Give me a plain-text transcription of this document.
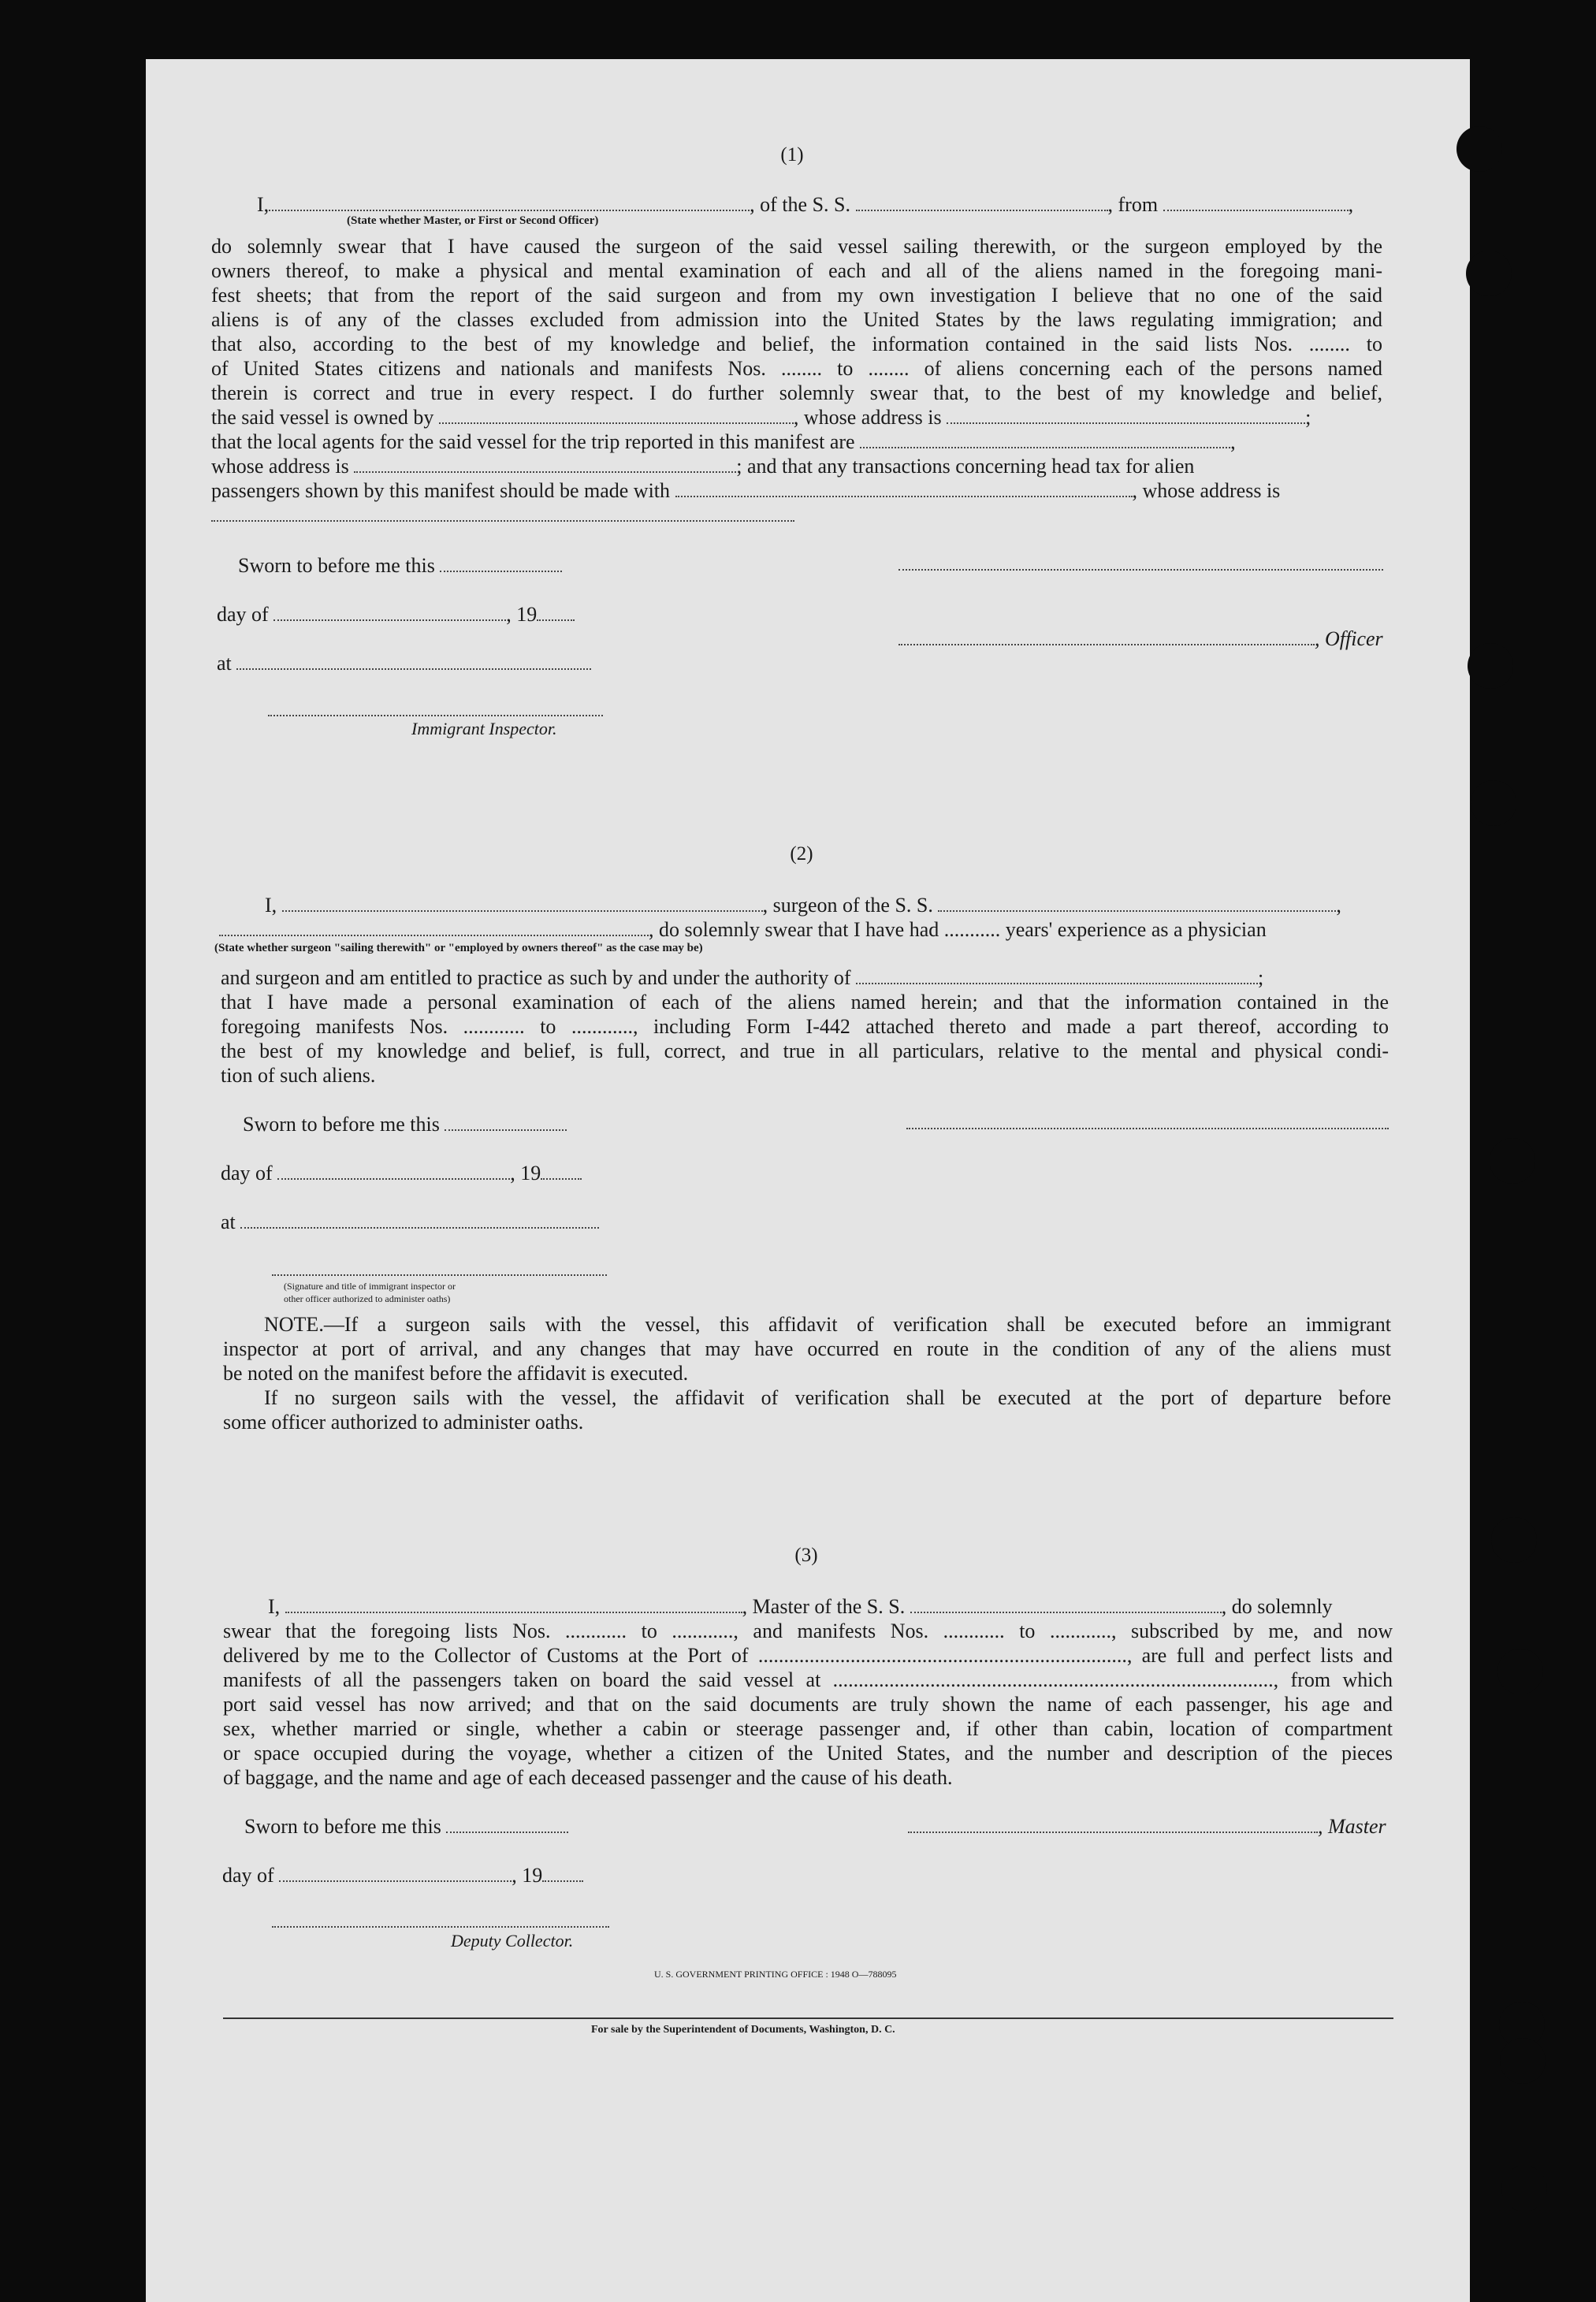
(1)
I,	, of the S. S.	, from	,
(State whether Master, or First or Second Officer)
do solemnly swear that I have caused the surgeon of the said vessel sailing therewith, or the surgeon employed by the
owners thereof, to make a physical and mental examination of each and all of the aliens named in the foregoing mani-
fest sheets; that from the report of the said surgeon and from my own investigation I believe that no one of the said
aliens is of any of the classes excluded from admission into the United States by the laws regulating immigration; and
that also, according to the best of my knowledge and belief, the information contained in the said lists Nos. ........ to
of United States citizens and nationals and manifests Nos. ........ to ........ of aliens concerning each of the persons named
therein is correct and true in every respect. I do further solemnly swear that, to the best of my knowledge and belief,
the said vessel is owned by	, whose address is	;
that the local agents for the said vessel for the trip reported in this manifest are	,
whose address is	; and that any transactions concerning head tax for alien
passengers shown by this manifest should be made with	, whose address is
Sworn to before me this
day of	, 19
at
Immigrant Inspector.
, Officer
(2)
I,	, surgeon of the S. S.	,
, do solemnly swear that I have had ........... years' experience as a physician
(State whether surgeon "sailing therewith" or "employed by owners thereof" as the case may be)
and surgeon and am entitled to practice as such by and under the authority of	;
that I have made a personal examination of each of the aliens named herein; and that the information contained in the
foregoing manifests Nos. ............ to ............, including Form I-442 attached thereto and made a part thereof, according to
the best of my knowledge and belief, is full, correct, and true in all particulars, relative to the mental and physical condi-
tion of such aliens.
Sworn to before me this
day of	, 19
at
(Signature and title of immigrant inspector or
other officer authorized to administer oaths)
NOTE.—If a surgeon sails with the vessel, this affidavit of verification shall be executed before an immigrant
inspector at port of arrival, and any changes that may have occurred en route in the condition of any of the aliens must
be noted on the manifest before the affidavit is executed.
If no surgeon sails with the vessel, the affidavit of verification shall be executed at the port of departure before
some officer authorized to administer oaths.
(3)
I,	, Master of the S. S.	, do solemnly
swear that the foregoing lists Nos. ............ to ............, and manifests Nos. ............ to ............, subscribed by me, and now
delivered by me to the Collector of Customs at the Port of ........................................................................, are full and perfect lists and
manifests of all the passengers taken on board the said vessel at ......................................................................................, from which
port said vessel has now arrived; and that on the said documents are truly shown the name of each passenger, his age and
sex, whether married or single, whether a cabin or steerage passenger and, if other than cabin, location of compartment
or space occupied during the voyage, whether a citizen of the United States, and the number and description of the pieces
of baggage, and the name and age of each deceased passenger and the cause of his death.
Sworn to before me this	, Master
day of	, 19
Deputy Collector.
U. S. GOVERNMENT PRINTING OFFICE : 1948 O—788095
For sale by the Superintendent of Documents, Washington, D. C.
